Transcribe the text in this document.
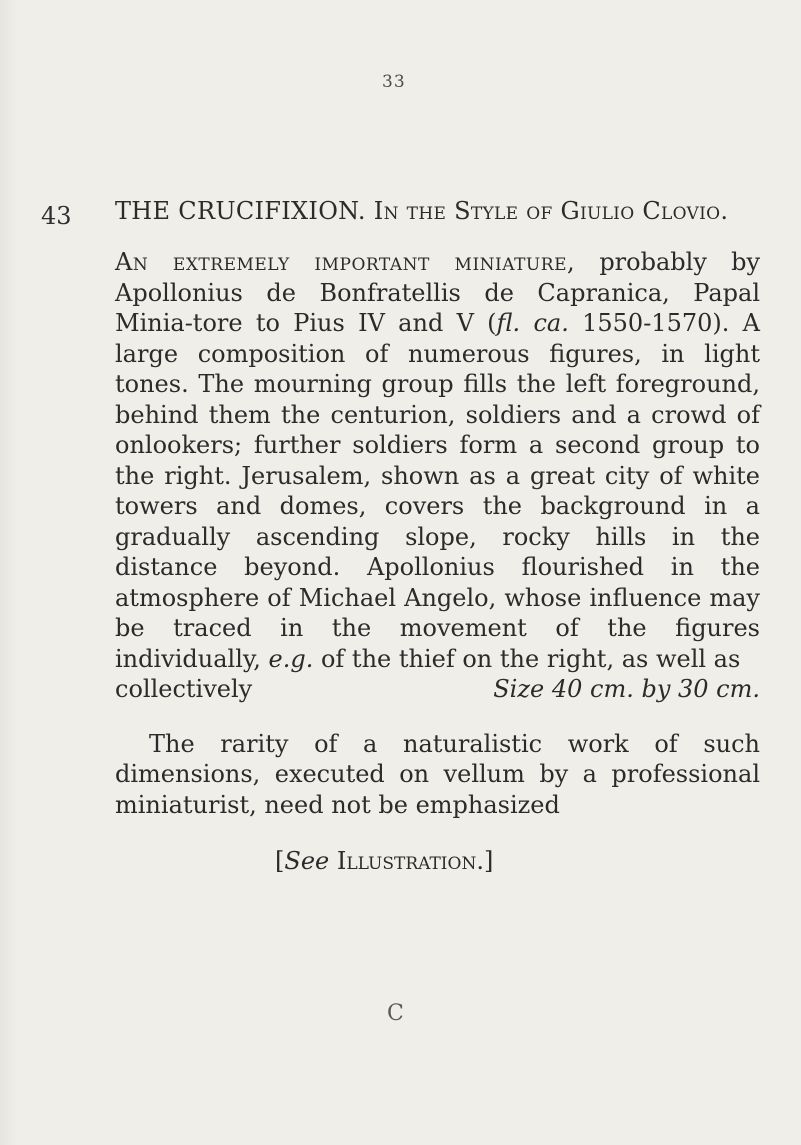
33
43 THE CRUCIFIXION. In the Style of Giulio Clovio.

An extremely important miniature, probably by Apollonius de Bonfratellis de Capranica, Papal Minia-tore to Pius IV and V (fl. ca. 1550-1570). A large composition of numerous figures, in light tones. The mourning group fills the left foreground, behind them the centurion, soldiers and a crowd of onlookers; further soldiers form a second group to the right. Jerusalem, shown as a great city of white towers and domes, covers the background in a gradually ascending slope, rocky hills in the distance beyond. Apollonius flourished in the atmosphere of Michael Angelo, whose influence may be traced in the movement of the figures individually, e.g. of the thief on the right, as well as
collectively	Size 40 cm. by 30 cm.

The rarity of a naturalistic work of such dimensions, executed on vellum by a professional miniaturist, need not be emphasized

[See Illustration.]

C
